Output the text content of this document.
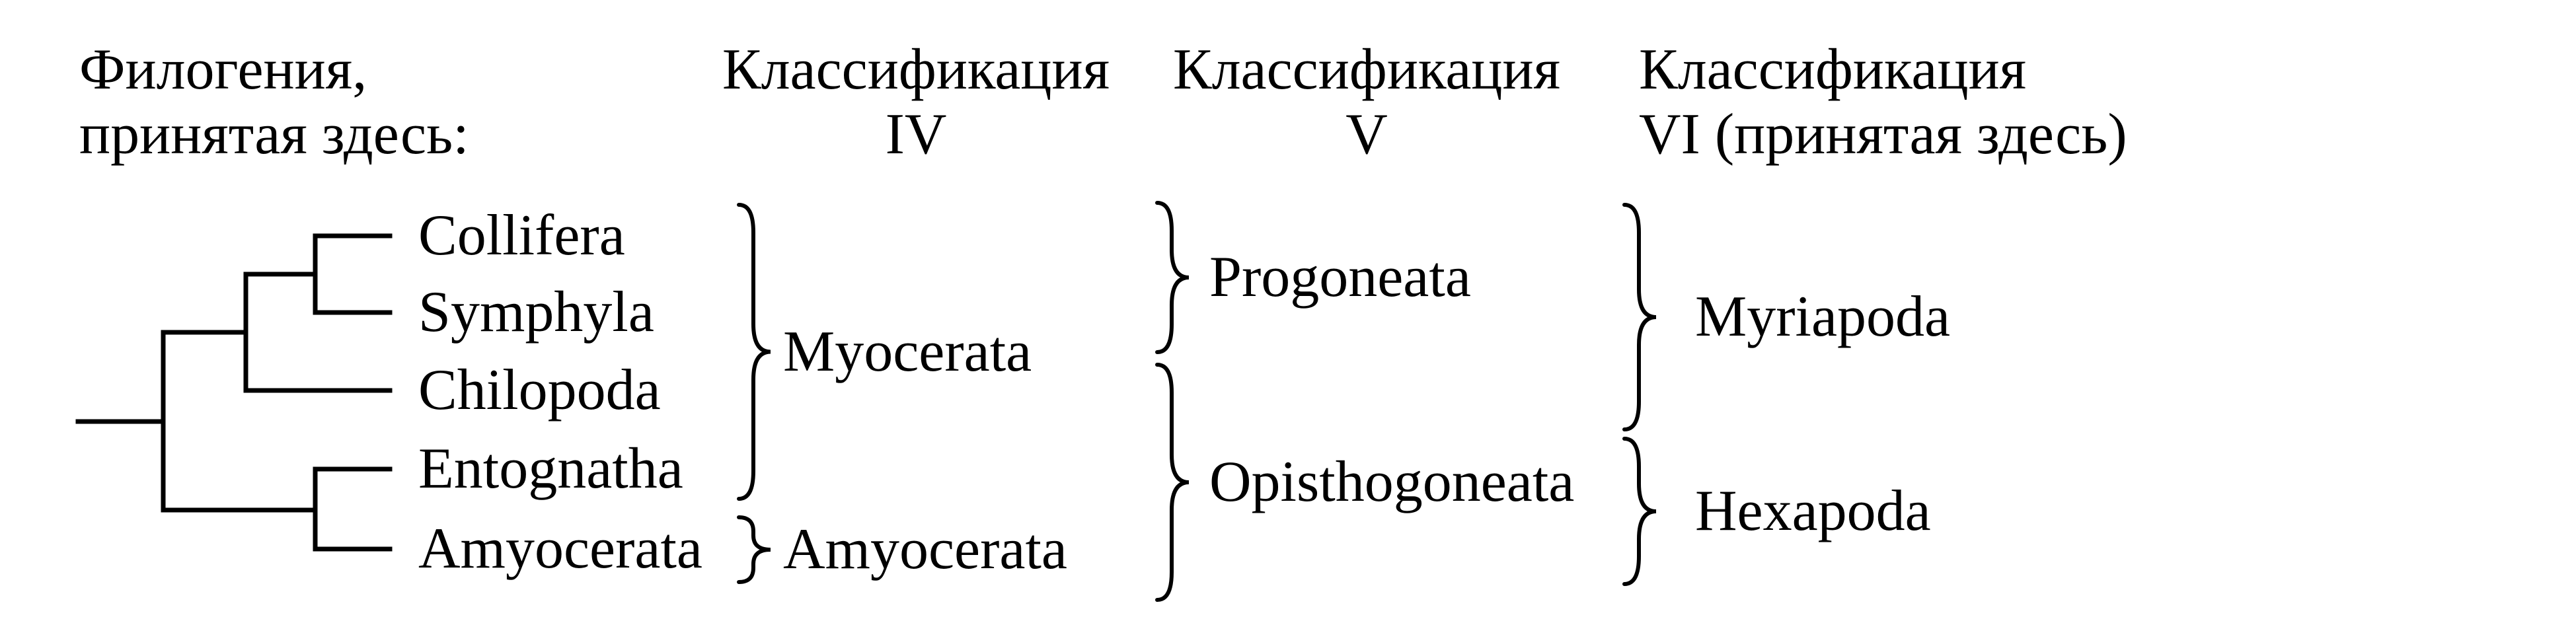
Филогения,
принятая здесь:
Классификация
IV
Классификация
V
Классификация
VI (принятая здесь)
Collifera
Symphyla
Chilopoda
Entognatha
Amyocerata
Myocerata
Amyocerata
Progoneata
Opisthogoneata
Myriapoda
Hexapoda
